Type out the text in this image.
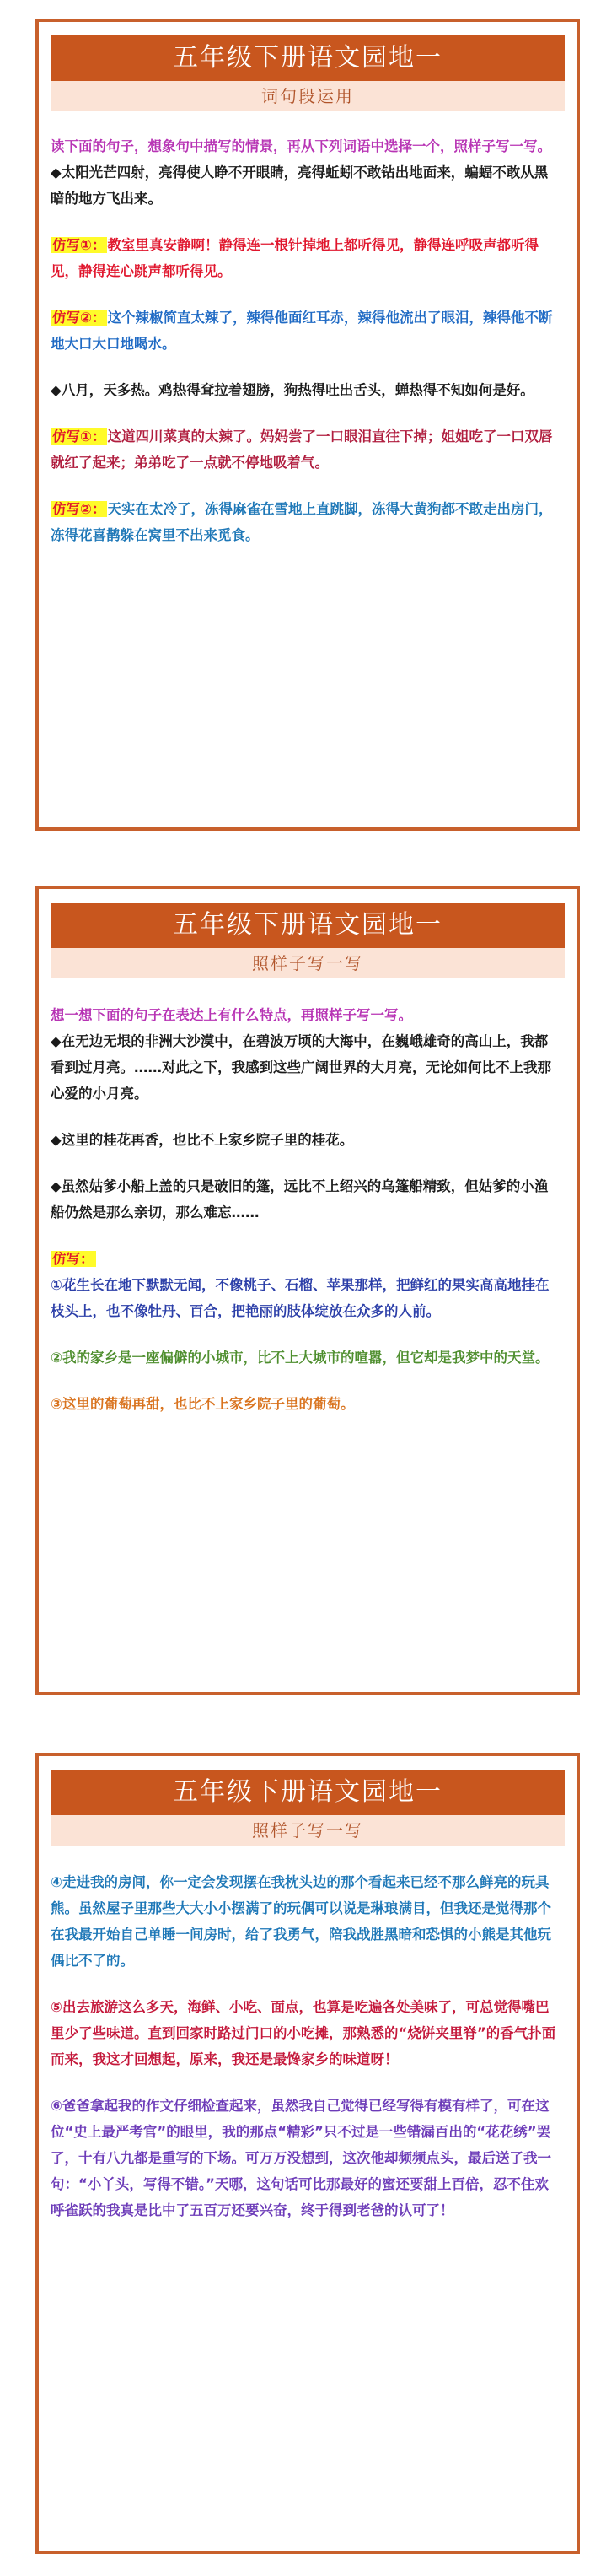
五年级下册语文园地一
词句段运用

读下面的句子，想象句中描写的情景，再从下列词语中选择一个，照样子写一写。

◆太阳光芒四射，亮得使人睁不开眼睛，亮得蚯蚓不敢钻出地面来，蝙蝠不敢从黑暗的地方飞出来。

仿写①： 教室里真安静啊！静得连一根针掉地上都听得见，静得连呼吸声都听得见，静得连心跳声都听得见。

仿写②： 这个辣椒简直太辣了，辣得他面红耳赤，辣得他流出了眼泪，辣得他不断地大口大口地喝水。

◆八月，天多热。鸡热得耷拉着翅膀，狗热得吐出舌头，蝉热得不知如何是好。

仿写①： 这道四川菜真的太辣了。妈妈尝了一口眼泪直往下掉；姐姐吃了一口双唇就红了起来；弟弟吃了一点就不停地吸着气。

仿写②： 天实在太冷了，冻得麻雀在雪地上直跳脚，冻得大黄狗都不敢走出房门，冻得花喜鹊躲在窝里不出来觅食。

五年级下册语文园地一
照样子写一写

想一想下面的句子在表达上有什么特点，再照样子写一写。

◆在无边无垠的非洲大沙漠中，在碧波万顷的大海中，在巍峨雄奇的高山上，我都看到过月亮。……对此之下，我感到这些广阔世界的大月亮，无论如何比不上我那心爱的小月亮。

◆这里的桂花再香，也比不上家乡院子里的桂花。

◆虽然姑爹小船上盖的只是破旧的篷，远比不上绍兴的乌篷船精致，但姑爹的小渔船仍然是那么亲切，那么难忘……

仿写：

①花生长在地下默默无闻，不像桃子、石榴、苹果那样，把鲜红的果实高高地挂在枝头上，也不像牡丹、百合，把艳丽的肢体绽放在众多的人前。

②我的家乡是一座偏僻的小城市，比不上大城市的喧嚣，但它却是我梦中的天堂。

③这里的葡萄再甜，也比不上家乡院子里的葡萄。

五年级下册语文园地一
照样子写一写

④走进我的房间，你一定会发现摆在我枕头边的那个看起来已经不那么鲜亮的玩具熊。虽然屋子里那些大大小小摆满了的玩偶可以说是琳琅满目，但我还是觉得那个在我最开始自己单睡一间房时，给了我勇气，陪我战胜黑暗和恐惧的小熊是其他玩偶比不了的。

⑤出去旅游这么多天，海鲜、小吃、面点，也算是吃遍各处美味了，可总觉得嘴巴里少了些味道。直到回家时路过门口的小吃摊，那熟悉的“烧饼夹里脊”的香气扑面而来，我这才回想起，原来，我还是最馋家乡的味道呀！

⑥爸爸拿起我的作文仔细检查起来，虽然我自己觉得已经写得有模有样了，可在这位“史上最严考官”的眼里，我的那点“精彩”只不过是一些错漏百出的“花花绣”罢了，十有八九都是重写的下场。可万万没想到，这次他却频频点头，最后送了我一句：“小丫头，写得不错。”天哪，这句话可比那最好的蜜还要甜上百倍，忍不住欢呼雀跃的我真是比中了五百万还要兴奋，终于得到老爸的认可了！
